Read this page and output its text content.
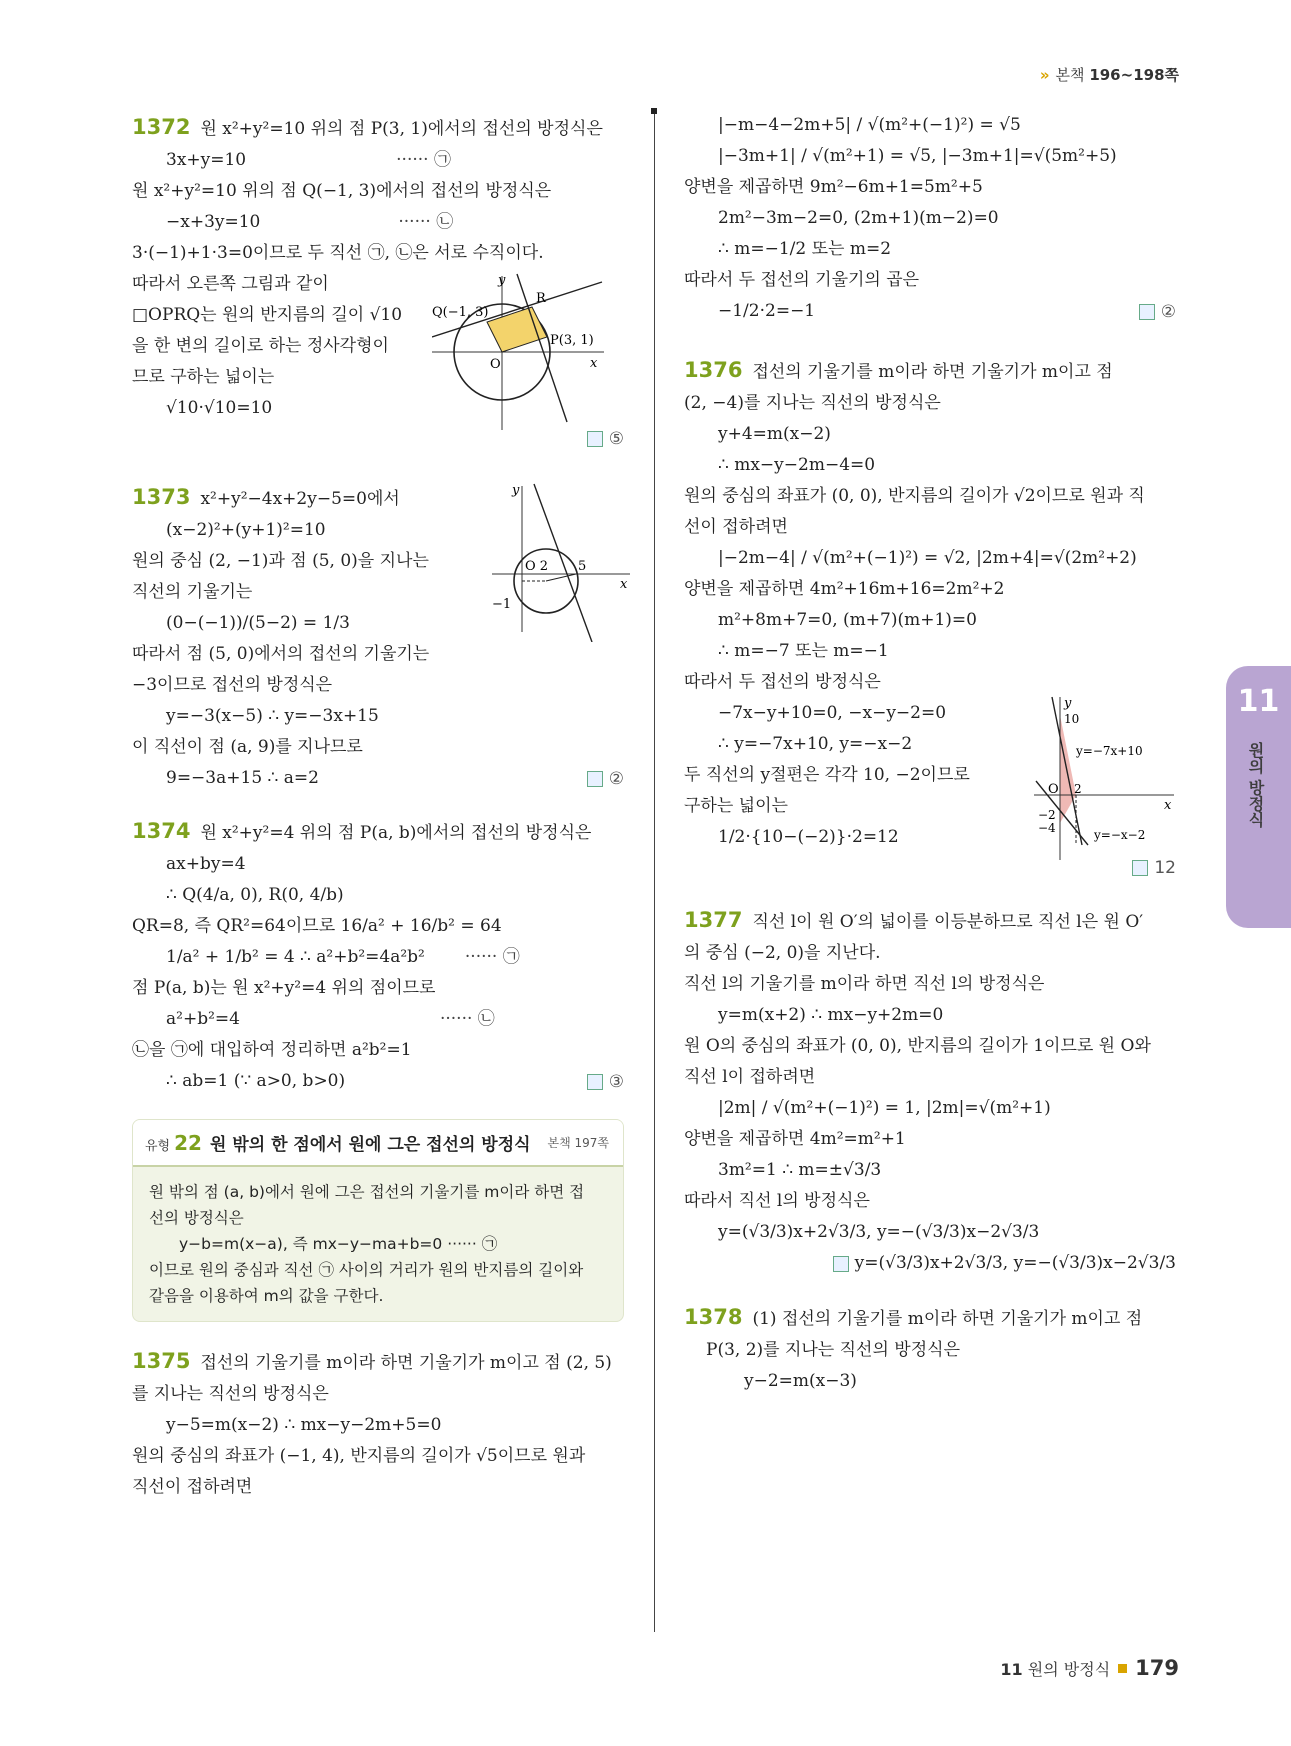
» 본책 196~198쪽
1372 원 x²+y²=10 위의 점 P(3, 1)에서의 접선의 방정식은
3x+y=10	······ ㉠
원 x²+y²=10 위의 점 Q(−1, 3)에서의 접선의 방정식은
−x+3y=10	······ ㉡
3·(−1)+1·3=0이므로 두 직선 ㉠, ㉡은 서로 수직이다.
따라서 오른쪽 그림과 같이
□OPRQ는 원의 반지름의 길이 √10
을 한 변의 길이로 하는 정사각형이
므로 구하는 넓이는
√10·√10=10
⑤
y
x
O
Q(−1, 3)
R
P(3, 1)
1373 x²+y²−4x+2y−5=0에서
(x−2)²+(y+1)²=10
원의 중심 (2, −1)과 점 (5, 0)을 지나는
직선의 기울기는
(0−(−1))/(5−2) = 1/3
따라서 점 (5, 0)에서의 접선의 기울기는
−3이므로 접선의 방정식은
y=−3(x−5) ∴ y=−3x+15
이 직선이 점 (a, 9)를 지나므로
9=−3a+15 ∴ a=2	②
y
x
O 2 5
−1
1374 원 x²+y²=4 위의 점 P(a, b)에서의 접선의 방정식은
ax+by=4
∴ Q(4/a, 0), R(0, 4/b)
QR=8, 즉 QR²=64이므로 16/a² + 16/b² = 64
1/a² + 1/b² = 4 ∴ a²+b²=4a²b² ······ ㉠
점 P(a, b)는 원 x²+y²=4 위의 점이므로
a²+b²=4	······ ㉡
㉡을 ㉠에 대입하여 정리하면 a²b²=1
∴ ab=1 (∵ a>0, b>0)	③
유형 22 원 밖의 한 점에서 원에 그은 접선의 방정식 본책 197쪽
원 밖의 점 (a, b)에서 원에 그은 접선의 기울기를 m이라 하면 접
선의 방정식은
y−b=m(x−a), 즉 mx−y−ma+b=0 ······ ㉠
이므로 원의 중심과 직선 ㉠ 사이의 거리가 원의 반지름의 길이와
같음을 이용하여 m의 값을 구한다.
1375 접선의 기울기를 m이라 하면 기울기가 m이고 점 (2, 5)
를 지나는 직선의 방정식은
y−5=m(x−2) ∴ mx−y−2m+5=0
원의 중심의 좌표가 (−1, 4), 반지름의 길이가 √5이므로 원과
직선이 접하려면
|−m−4−2m+5| / √(m²+(−1)²) = √5
|−3m+1| / √(m²+1) = √5, |−3m+1|=√(5m²+5)
양변을 제곱하면 9m²−6m+1=5m²+5
2m²−3m−2=0, (2m+1)(m−2)=0
∴ m=−1/2 또는 m=2
따라서 두 접선의 기울기의 곱은
−1/2·2=−1	②
1376 접선의 기울기를 m이라 하면 기울기가 m이고 점
(2, −4)를 지나는 직선의 방정식은
y+4=m(x−2)
∴ mx−y−2m−4=0
원의 중심의 좌표가 (0, 0), 반지름의 길이가 √2이므로 원과 직
선이 접하려면
|−2m−4| / √(m²+(−1)²) = √2, |2m+4|=√(2m²+2)
양변을 제곱하면 4m²+16m+16=2m²+2
m²+8m+7=0, (m+7)(m+1)=0
∴ m=−7 또는 m=−1
따라서 두 접선의 방정식은
−7x−y+10=0, −x−y−2=0
∴ y=−7x+10, y=−x−2
두 직선의 y절편은 각각 10, −2이므로
구하는 넓이는
1/2·{10−(−2)}·2=12
12
y
x
10
O 2
−2
−4
y=−7x+10
y=−x−2
1377 직선 l이 원 O′의 넓이를 이등분하므로 직선 l은 원 O′
의 중심 (−2, 0)을 지난다.
직선 l의 기울기를 m이라 하면 직선 l의 방정식은
y=m(x+2) ∴ mx−y+2m=0
원 O의 중심의 좌표가 (0, 0), 반지름의 길이가 1이므로 원 O와
직선 l이 접하려면
|2m| / √(m²+(−1)²) = 1, |2m|=√(m²+1)
양변을 제곱하면 4m²=m²+1
3m²=1 ∴ m=±√3/3
따라서 직선 l의 방정식은
y=(√3/3)x+2√3/3, y=−(√3/3)x−2√3/3
y=(√3/3)x+2√3/3, y=−(√3/3)x−2√3/3
1378 (1) 접선의 기울기를 m이라 하면 기울기가 m이고 점
P(3, 2)를 지나는 직선의 방정식은
y−2=m(x−3)
11
원의 방정식
11 원의 방정식 179
